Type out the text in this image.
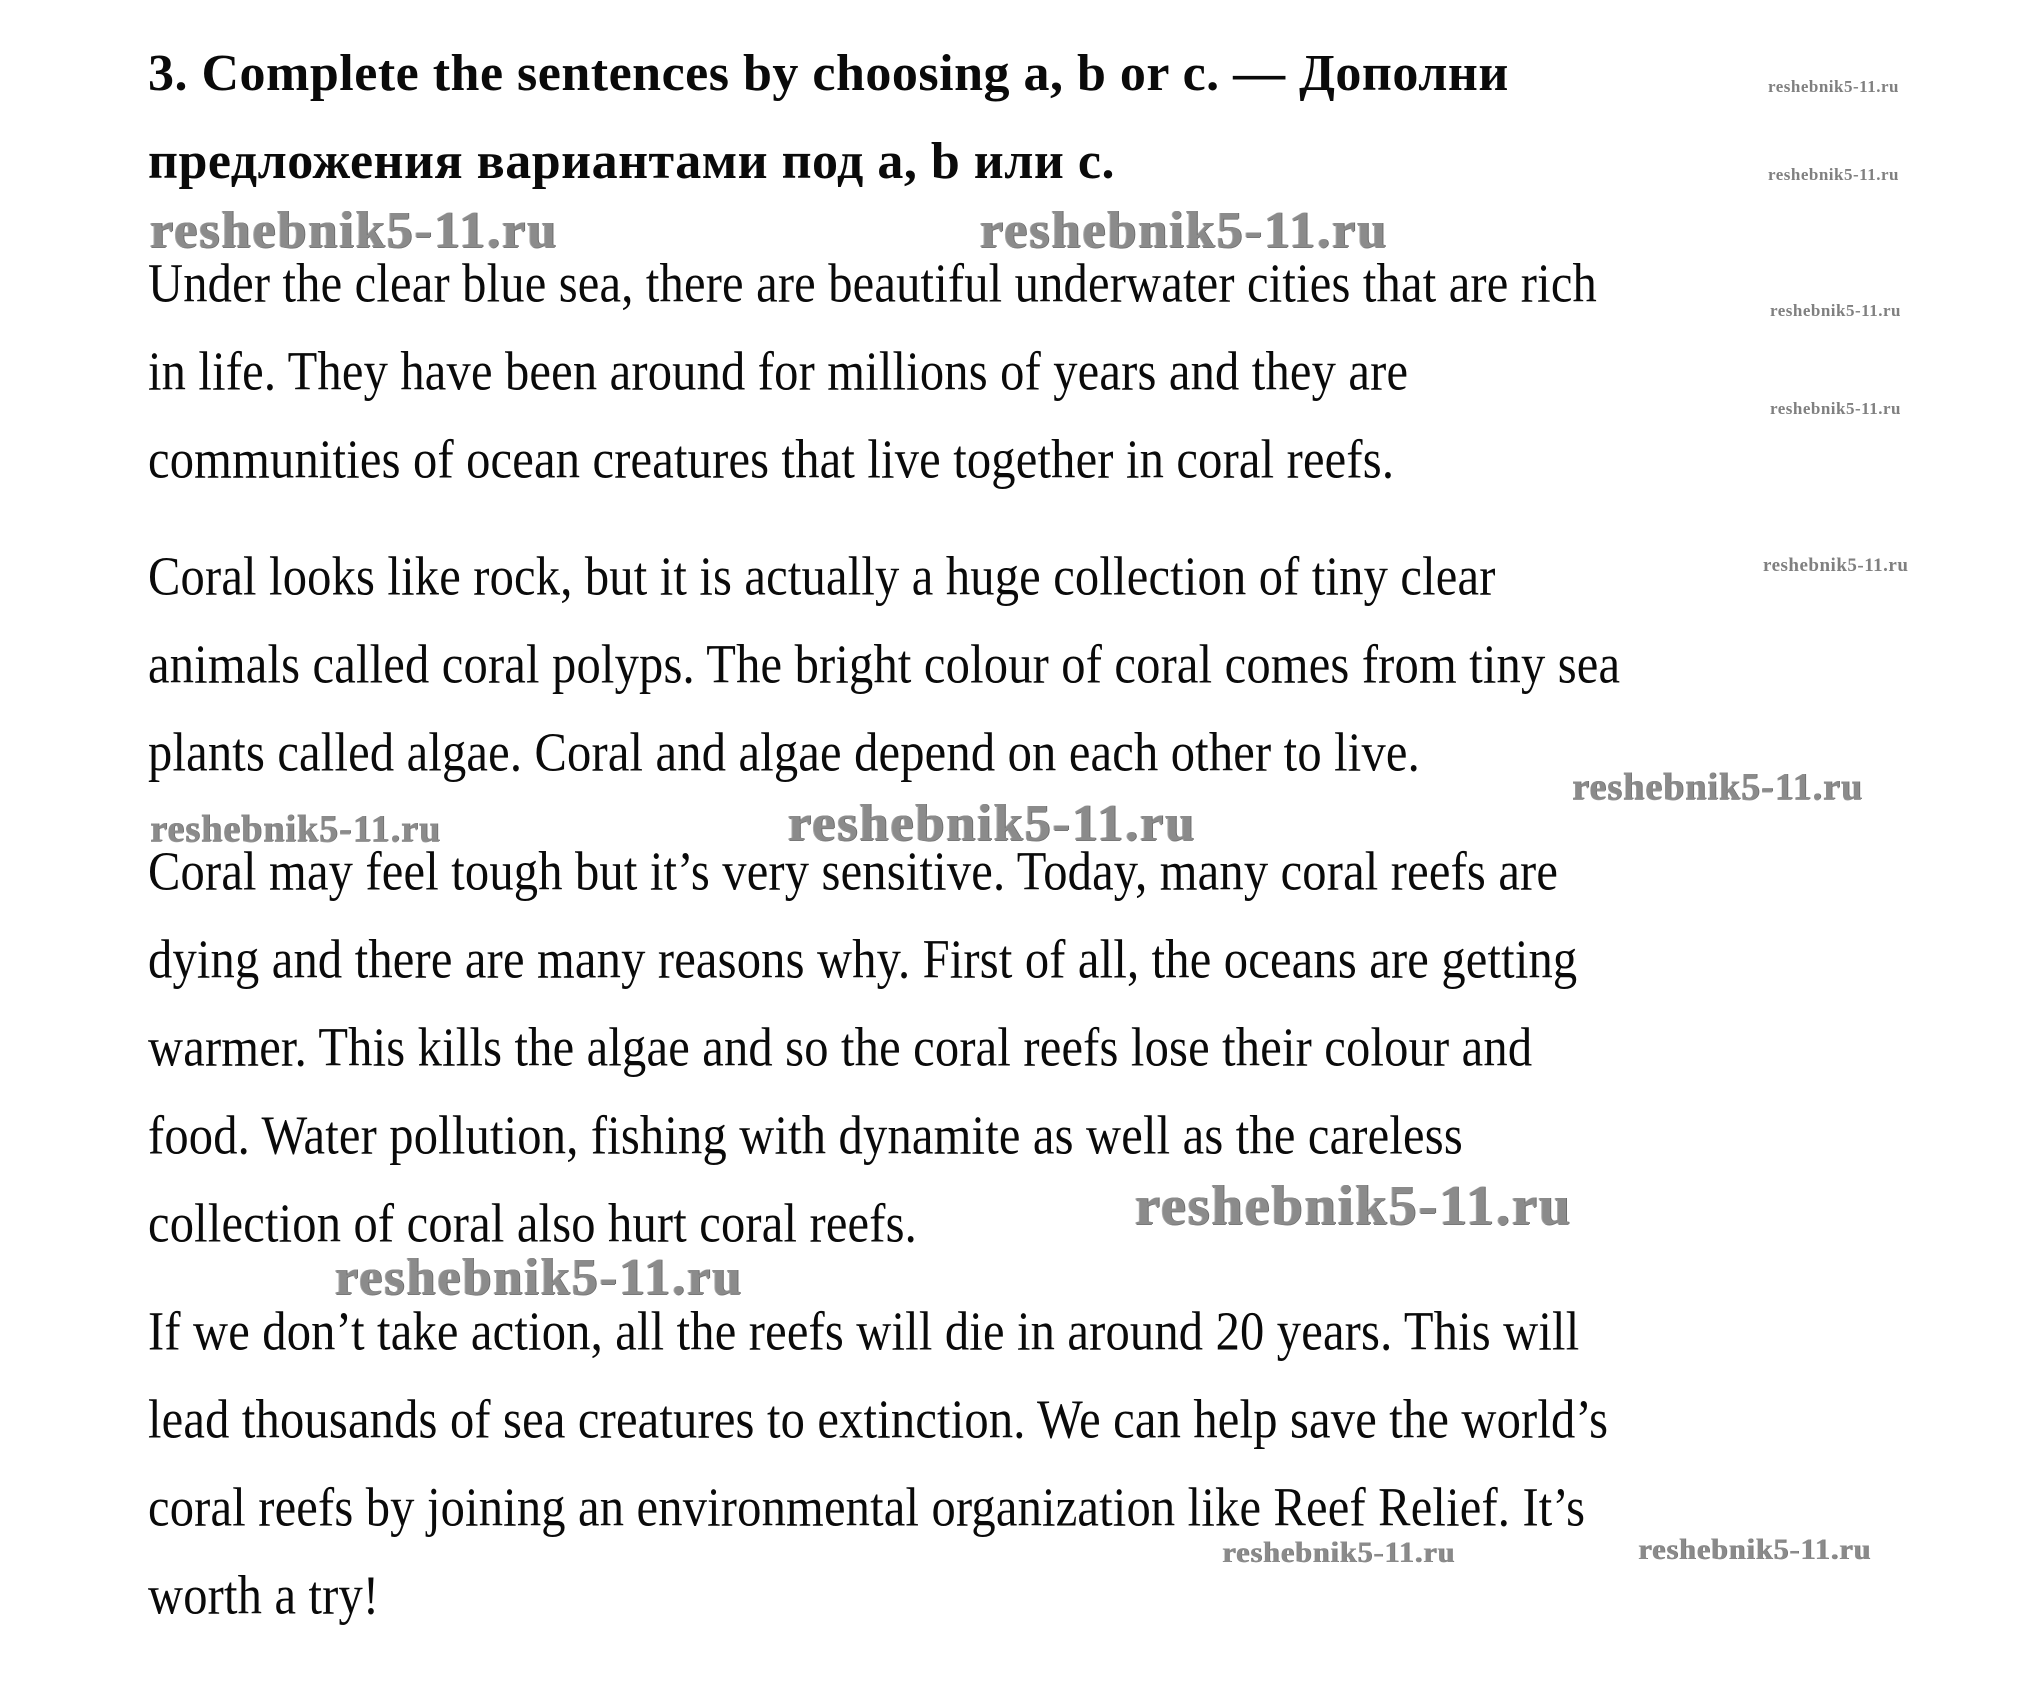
3. Complete the sentences by choosing a, b or c. — Дополни
предложения вариантами под a, b или c.
Under the clear blue sea, there are beautiful underwater cities that are rich
in life. They have been around for millions of years and they are
communities of ocean creatures that live together in coral reefs.
Coral looks like rock, but it is actually a huge collection of tiny clear
animals called coral polyps. The bright colour of coral comes from tiny sea
plants called algae. Coral and algae depend on each other to live.
Coral may feel tough but it’s very sensitive. Today, many coral reefs are
dying and there are many reasons why. First of all, the oceans are getting
warmer. This kills the algae and so the coral reefs lose their colour and
food. Water pollution, fishing with dynamite as well as the careless
collection of coral also hurt coral reefs.
If we don’t take action, all the reefs will die in around 20 years. This will
lead thousands of sea creatures to extinction. We can help save the world’s
coral reefs by joining an environmental organization like Reef Relief. It’s
worth a try!
reshebnik5-11.ru	reshebnik5-11.ru
reshebnik5-11.ru
reshebnik5-11.ru
reshebnik5-11.ru
reshebnik5-11.ru
reshebnik5-11.ru
reshebnik5-11.ru
reshebnik5-11.ru	reshebnik5-11.ru
reshebnik5-11.ru
reshebnik5-11.ru
reshebnik5-11.ru	reshebnik5-11.ru
